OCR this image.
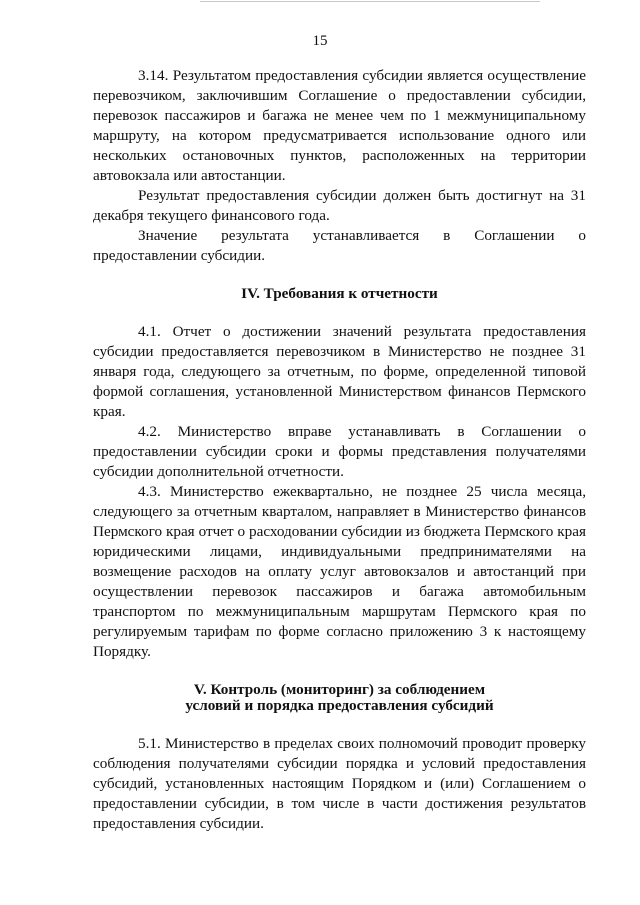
15

3.14. Результатом предоставления субсидии является осуществление перевозчиком, заключившим Соглашение о предоставлении субсидии, перевозок пассажиров и багажа не менее чем по 1 межмуниципальному маршруту, на котором предусматривается использование одного или нескольких остановочных пунктов, расположенных на территории автовокзала или автостанции.

Результат предоставления субсидии должен быть достигнут на 31 декабря текущего финансового года.

Значение результата устанавливается в Соглашении о предоставлении субсидии.

IV. Требования к отчетности

4.1. Отчет о достижении значений результата предоставления субсидии предоставляется перевозчиком в Министерство не позднее 31 января года, следующего за отчетным, по форме, определенной типовой формой соглашения, установленной Министерством финансов Пермского края.

4.2. Министерство вправе устанавливать в Соглашении о предоставлении субсидии сроки и формы представления получателями субсидии дополнительной отчетности.

4.3. Министерство ежеквартально, не позднее 25 числа месяца, следующего за отчетным кварталом, направляет в Министерство финансов Пермского края отчет о расходовании субсидии из бюджета Пермского края юридическими лицами, индивидуальными предпринимателями на возмещение расходов на оплату услуг автовокзалов и автостанций при осуществлении перевозок пассажиров и багажа автомобильным транспортом по межмуниципальным маршрутам Пермского края по регулируемым тарифам по форме согласно приложению 3 к настоящему Порядку.

V. Контроль (мониторинг) за соблюдением

условий и порядка предоставления субсидий

5.1. Министерство в пределах своих полномочий проводит проверку соблюдения получателями субсидии порядка и условий предоставления субсидий, установленных настоящим Порядком и (или) Соглашением о предоставлении субсидии, в том числе в части достижения результатов предоставления субсидии.
